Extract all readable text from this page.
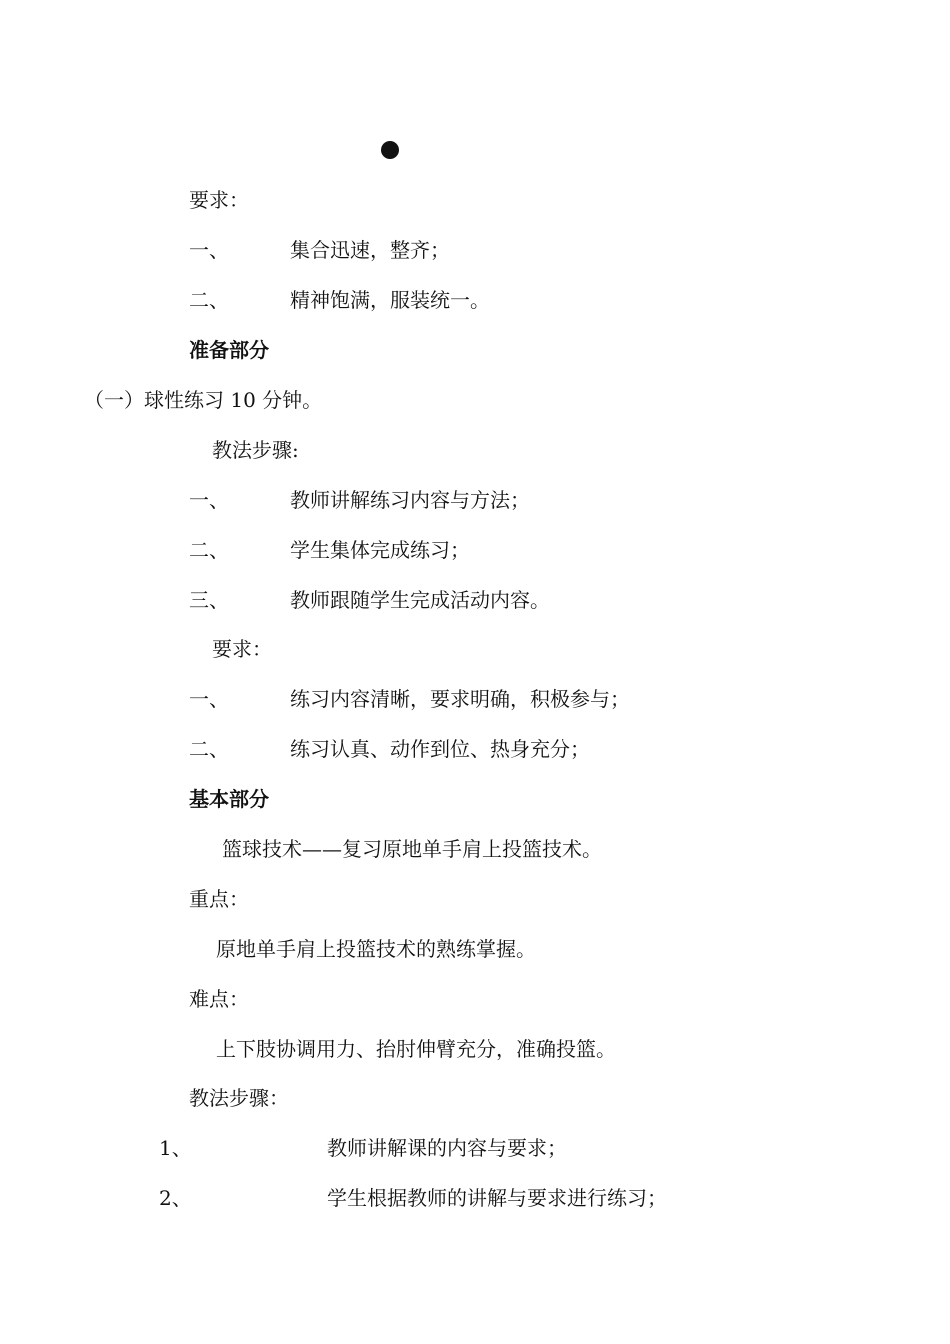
要求：
一、	集合迅速，整齐；
二、	精神饱满，服装统一。
准备部分
（一）球性练习 10 分钟。
教法步骤:
一、	教师讲解练习内容与方法；
二、	学生集体完成练习；
三、	教师跟随学生完成活动内容。
要求：
一、	练习内容清晰，要求明确，积极参与；
二、	练习认真、动作到位、热身充分；
基本部分
篮球技术——复习原地单手肩上投篮技术。
重点：
原地单手肩上投篮技术的熟练掌握。
难点：
上下肢协调用力、抬肘伸臂充分，准确投篮。
教法步骤：
1、	教师讲解课的内容与要求；
2、	学生根据教师的讲解与要求进行练习；
